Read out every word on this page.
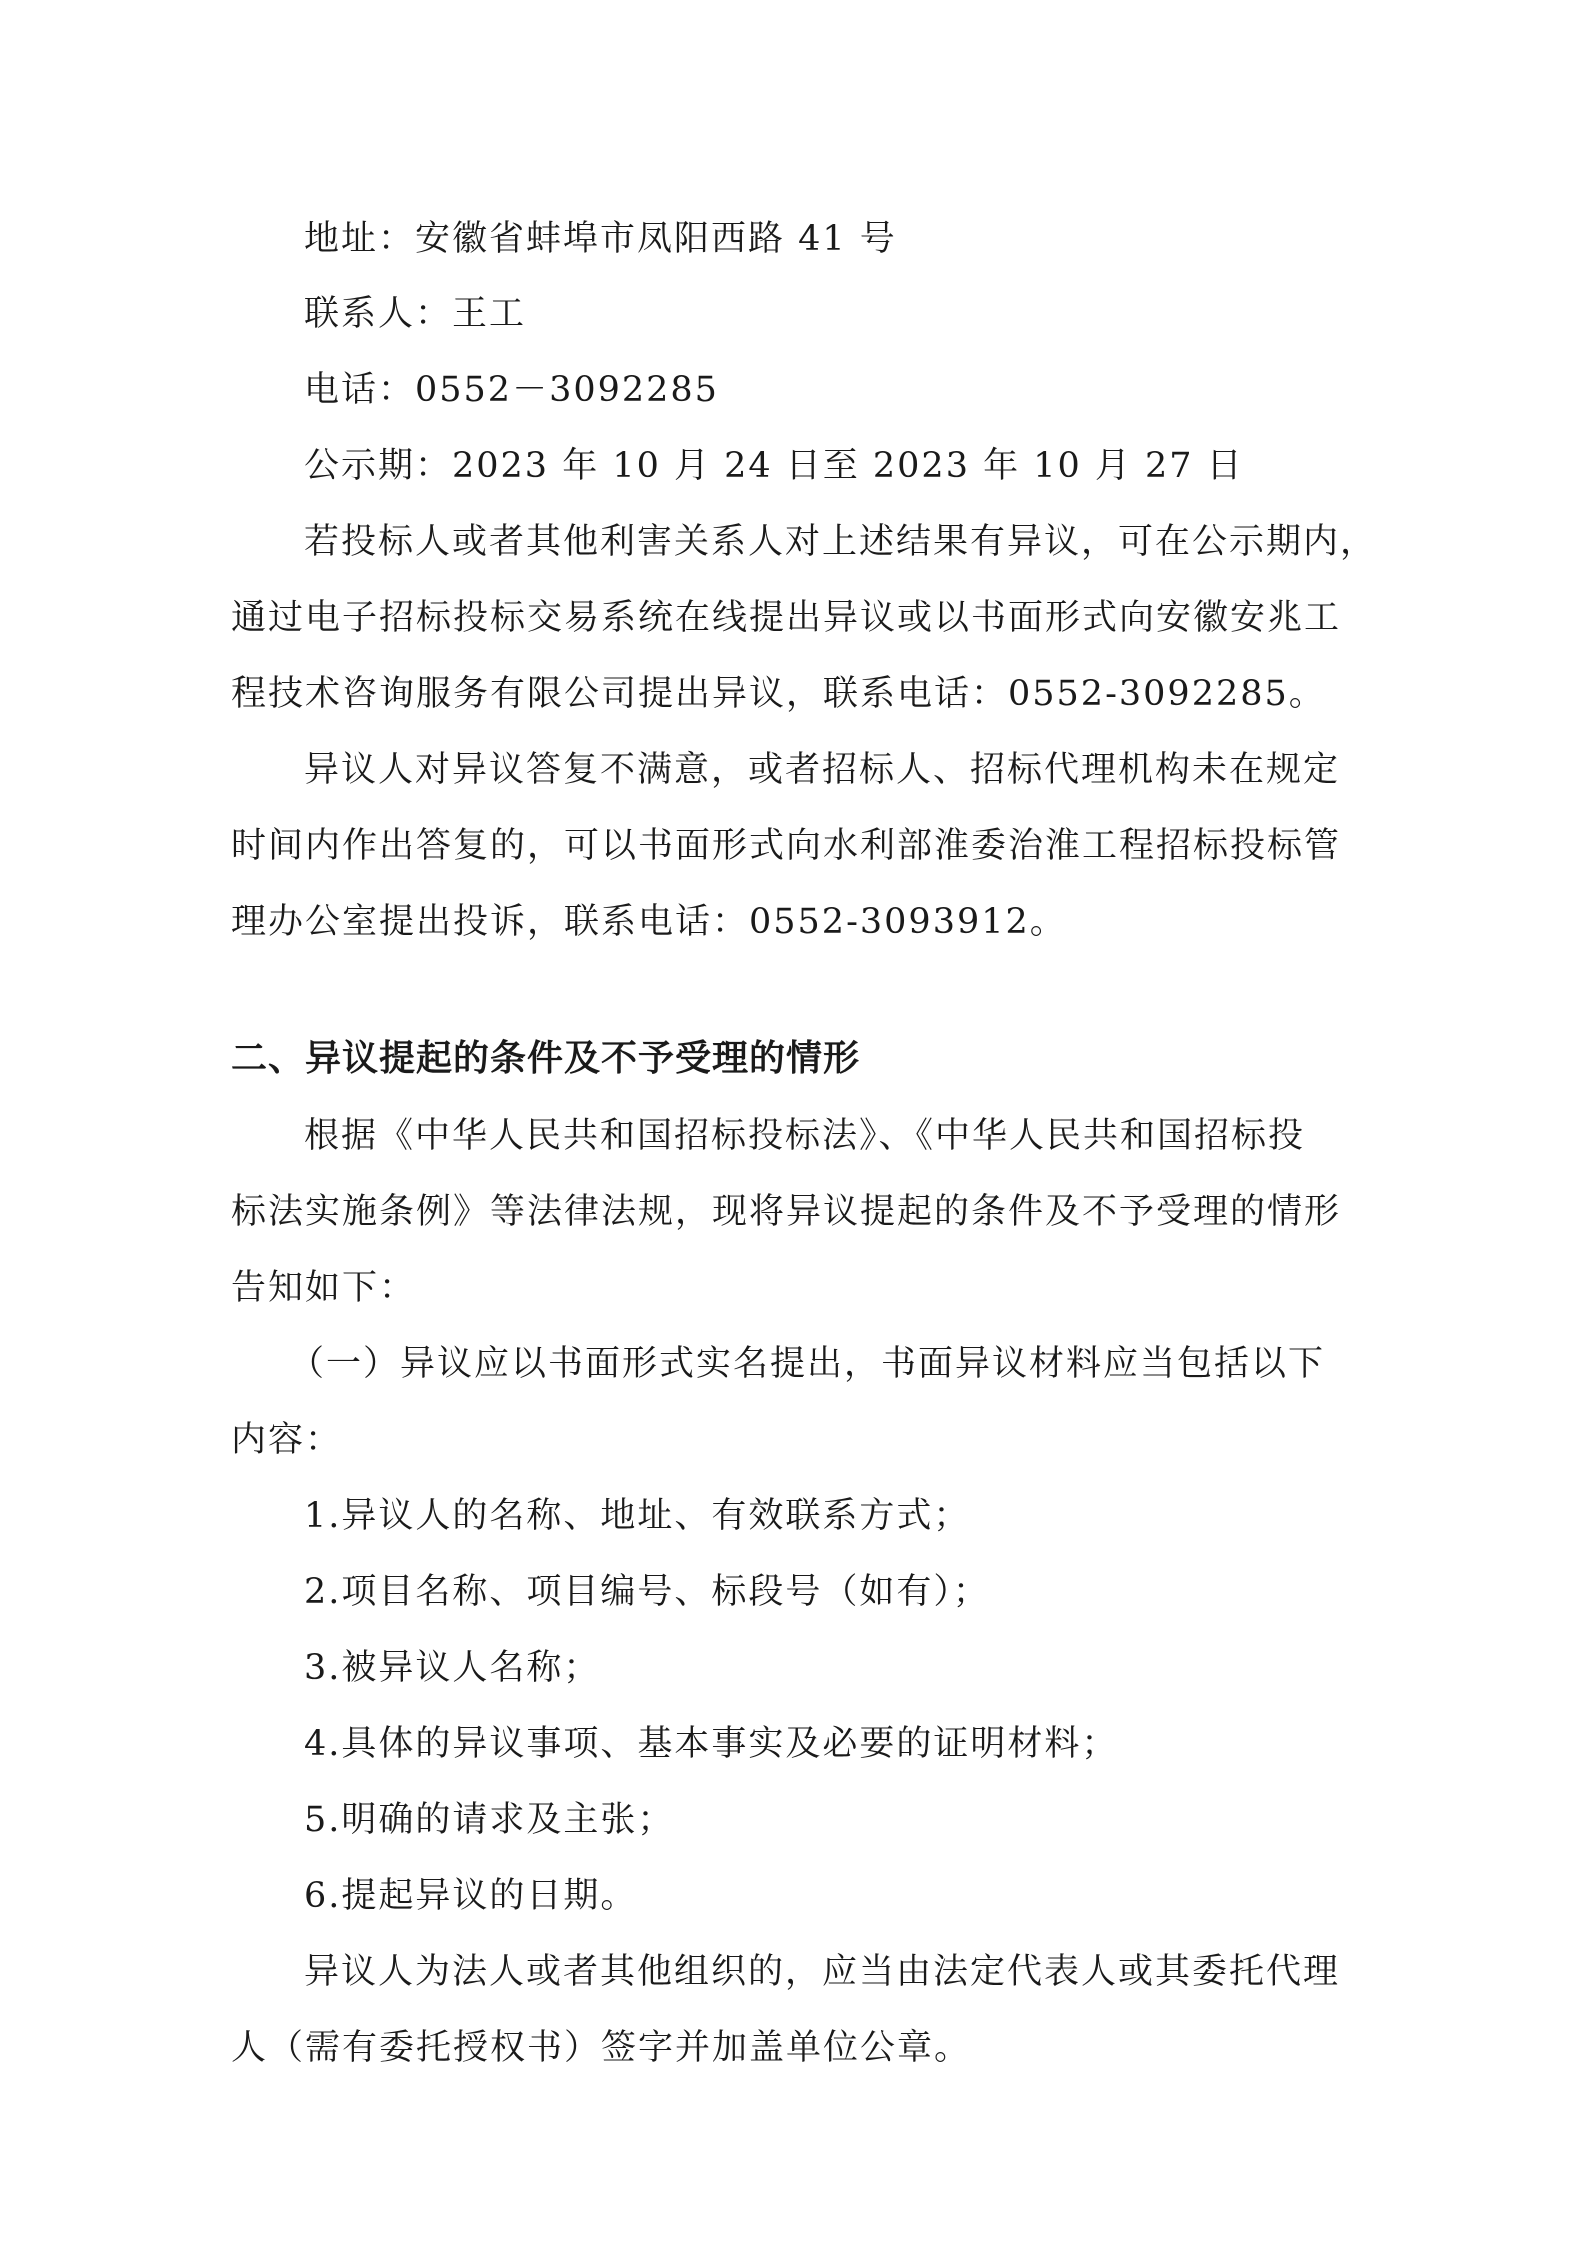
地址：安徽省蚌埠市凤阳西路 41 号
联系人：王工
电话：0552－3092285
公示期：2023 年 10 月 24 日至 2023 年 10 月 27 日
若投标人或者其他利害关系人对上述结果有异议，可在公示期内，
通过电子招标投标交易系统在线提出异议或以书面形式向安徽安兆工
程技术咨询服务有限公司提出异议，联系电话：0552-3092285。
异议人对异议答复不满意，或者招标人、招标代理机构未在规定
时间内作出答复的，可以书面形式向水利部淮委治淮工程招标投标管
理办公室提出投诉，联系电话：0552-3093912。
二、异议提起的条件及不予受理的情形
根据《中华人民共和国招标投标法》、《中华人民共和国招标投
标法实施条例》等法律法规，现将异议提起的条件及不予受理的情形
告知如下：
（一）异议应以书面形式实名提出，书面异议材料应当包括以下
内容：
1.异议人的名称、地址、有效联系方式；
2.项目名称、项目编号、标段号（如有）；
3.被异议人名称；
4.具体的异议事项、基本事实及必要的证明材料；
5.明确的请求及主张；
6.提起异议的日期。
异议人为法人或者其他组织的，应当由法定代表人或其委托代理
人（需有委托授权书）签字并加盖单位公章。
